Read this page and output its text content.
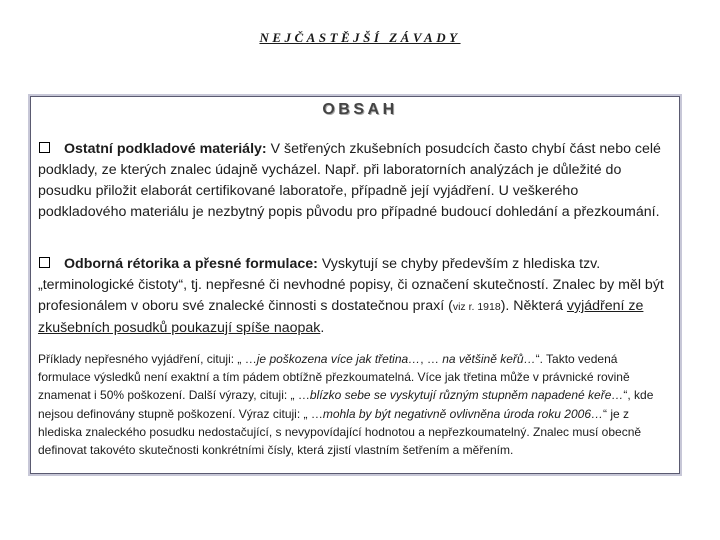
NEJČASTĚJŠÍ ZÁVADY
OBSAH
Ostatní podkladové materiály: V šetřených zkušebních posudcích často chybí část nebo celé podklady, ze kterých znalec údajně vycházel. Např. při laboratorních analýzách je důležité do posudku přiložit elaborát certifikované laboratoře, případně její vyjádření. U veškerého podkladového materiálu je nezbytný popis původu pro případné budoucí dohledání a přezkoumání.
Odborná rétorika a přesné formulace: Vyskytují se chyby především z hlediska tzv. „terminologické čistoty“, tj. nepřesné či nevhodné popisy, či označení skutečností. Znalec by měl být profesionálem v oboru své znalecké činnosti s dostatečnou praxí (viz r. 1918). Některá vyjádření ze zkušebních posudků poukazují spíše naopak.
Příklady nepřesného vyjádření, cituji: „ …je poškozena více jak třetina…, … na většině keřů…“. Takto vedená formulace výsledků není exaktní a tím pádem obtížně přezkoumatelná. Více jak třetina může v právnické rovině znamenat i 50% poškození. Další výrazy, cituji: „ …blízko sebe se vyskytují různým stupněm napadené keře…“, kde nejsou definovány stupně poškození. Výraz cituji: „ …mohla by být negativně ovlivněna úroda roku 2006…“ je z hlediska znaleckého posudku nedostačující, s nevypovídající hodnotou a nepřezkoumatelný. Znalec musí obecně definovat takovéto skutečnosti konkrétními čísly, která zjistí vlastním šetřením a měřením.
